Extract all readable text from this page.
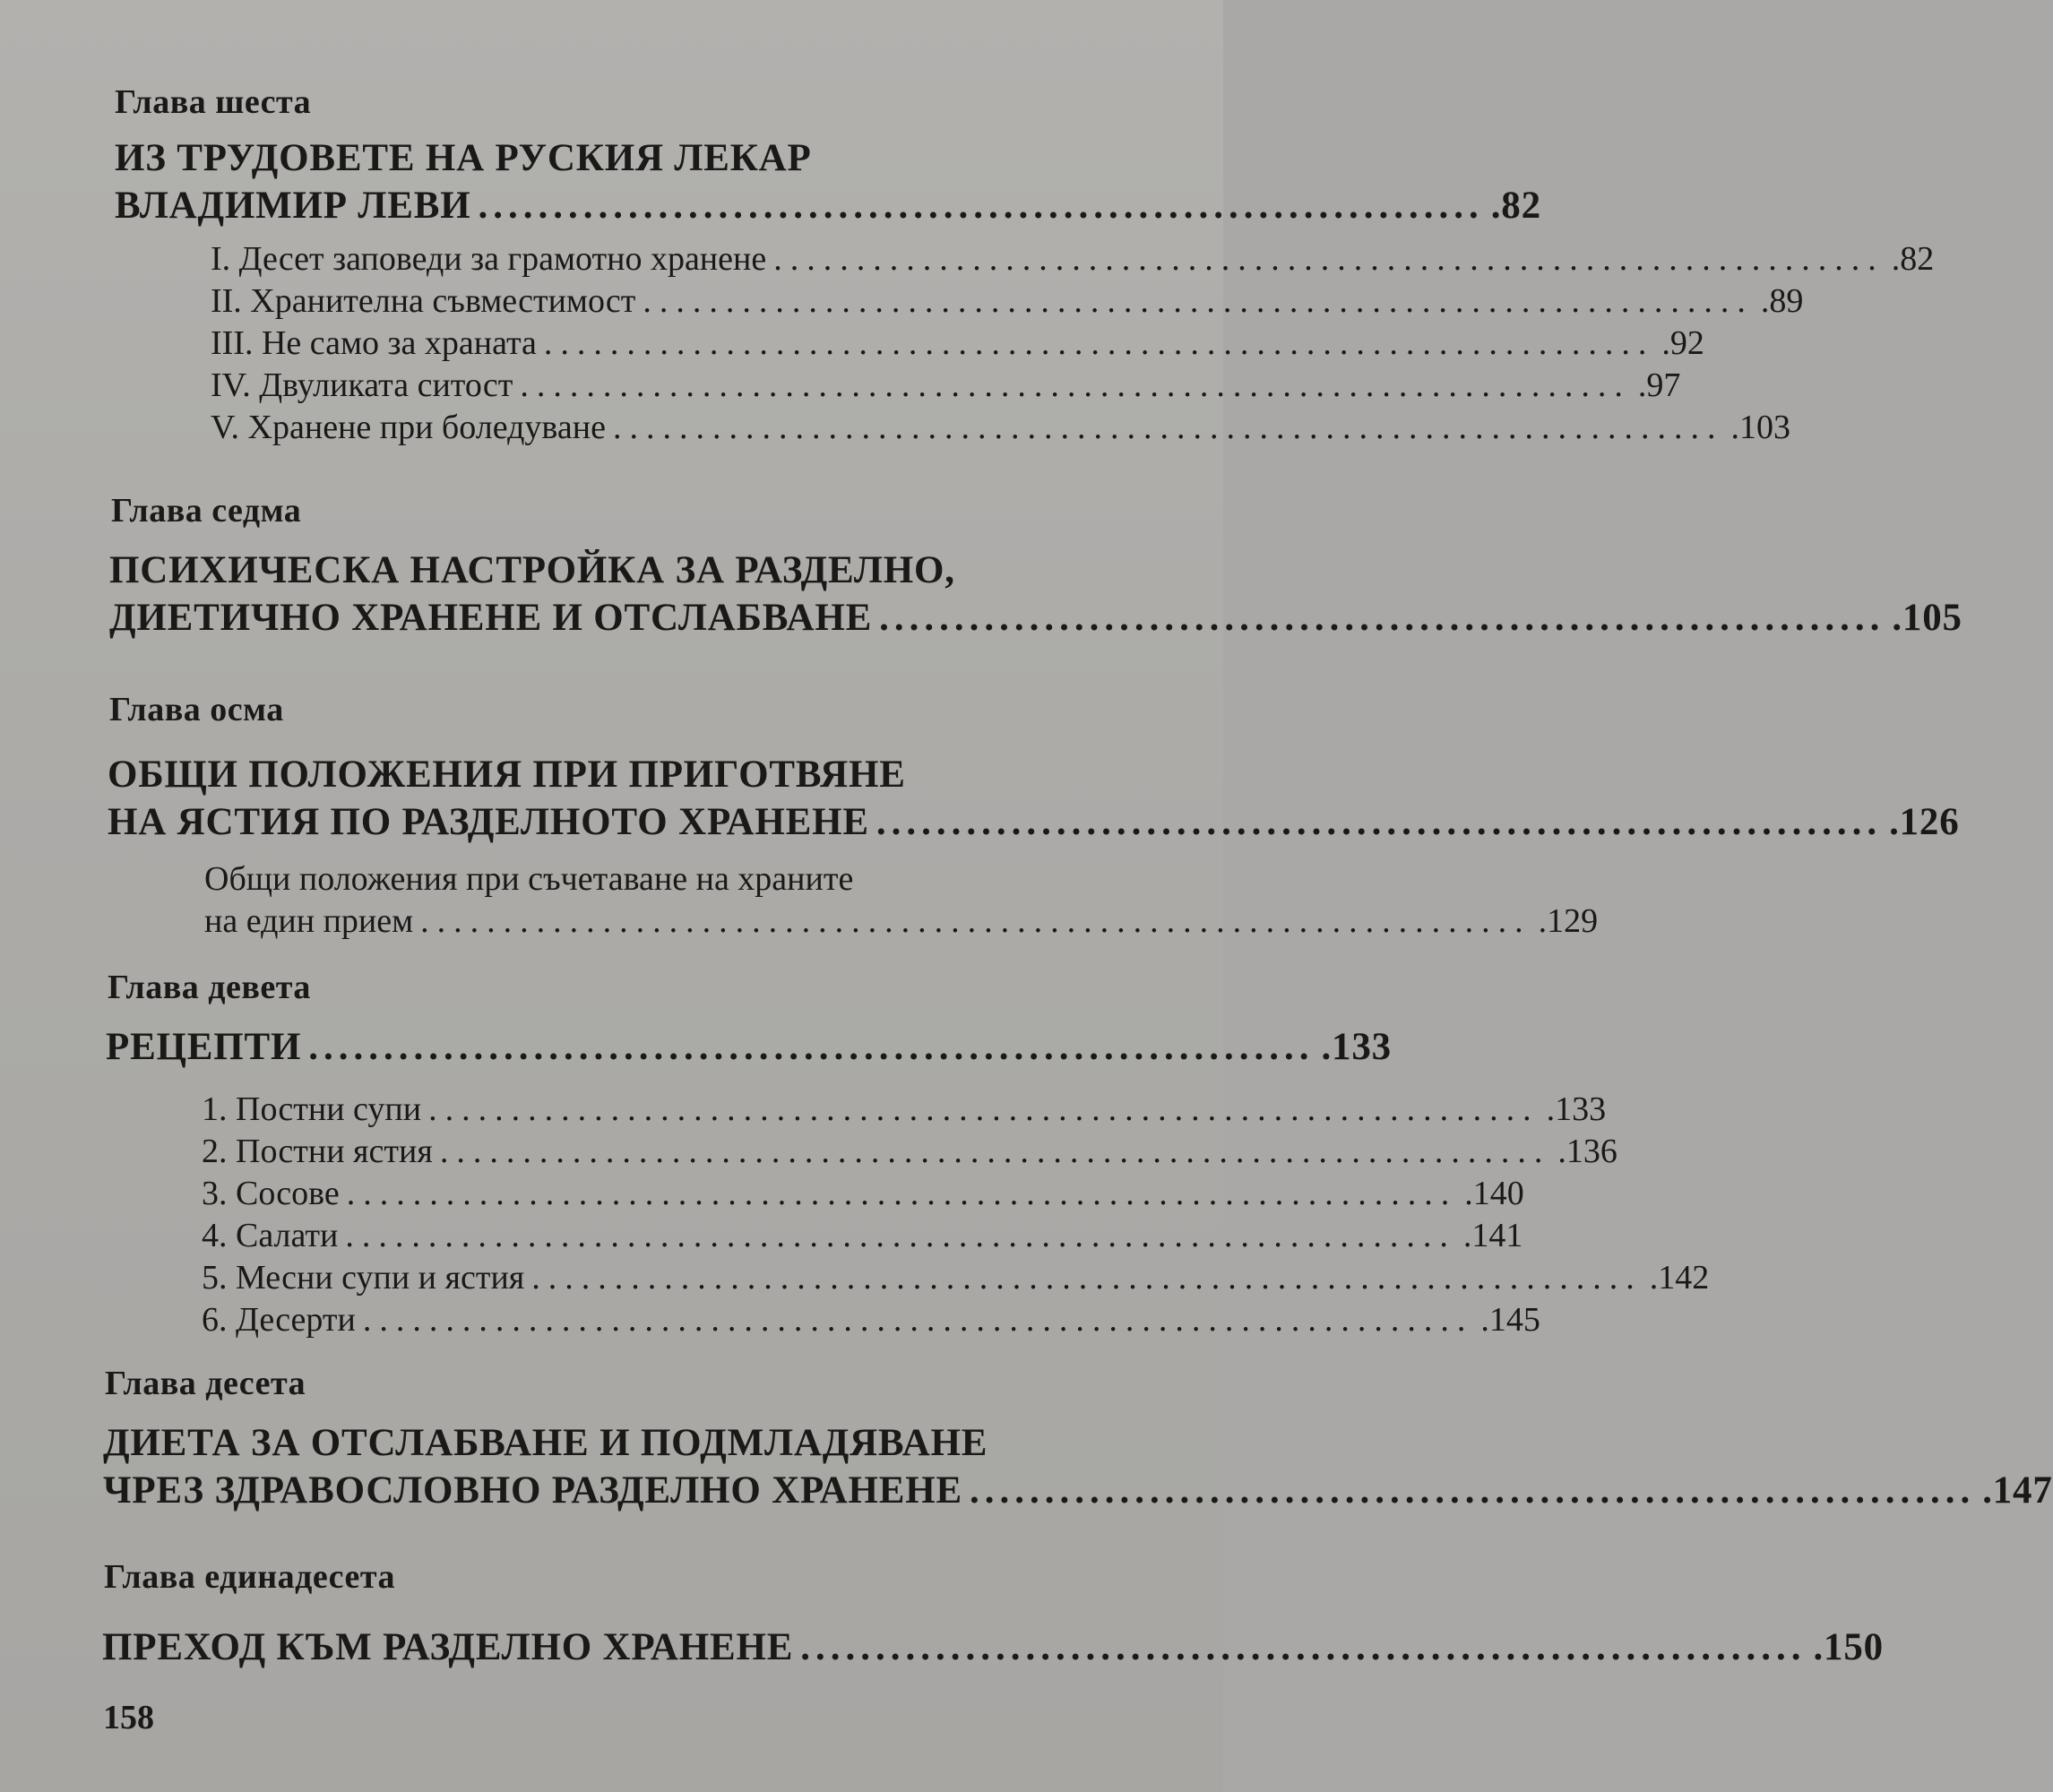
Глава шеста
ИЗ ТРУДОВЕТЕ НА РУСКИЯ ЛЕКАР
ВЛАДИМИР ЛЕВИ ................................................................... .82
I. Десет заповеди за грамотно хранене ................................................................... .82
II. Хранителна съвместимост ................................................................... .89
III. Не само за храната ................................................................... .92
IV. Двуликата ситост ................................................................... .97
V. Хранене при боледуване ................................................................... .103
Глава седма
ПСИХИЧЕСКА НАСТРОЙКА ЗА РАЗДЕЛНО,
ДИЕТИЧНО ХРАНЕНЕ И ОТСЛАБВАНЕ ................................................................... .105
Глава осма
ОБЩИ ПОЛОЖЕНИЯ ПРИ ПРИГОТВЯНЕ
НА ЯСТИЯ ПО РАЗДЕЛНОТО ХРАНЕНЕ ................................................................... .126
Общи положения при съчетаване на храните
на един прием ................................................................... .129
Глава девета
РЕЦЕПТИ ................................................................... .133
1. Постни супи ................................................................... .133
2. Постни ястия ................................................................... .136
3. Сосове ................................................................... .140
4. Салати ................................................................... .141
5. Месни супи и ястия ................................................................... .142
6. Десерти ................................................................... .145
Глава десета
ДИЕТА ЗА ОТСЛАБВАНЕ И ПОДМЛАДЯВАНЕ
ЧРЕЗ ЗДРАВОСЛОВНО РАЗДЕЛНО ХРАНЕНЕ ................................................................... .147
Глава единадесета
ПРЕХОД КЪМ РАЗДЕЛНО ХРАНЕНЕ ................................................................... .150
158
